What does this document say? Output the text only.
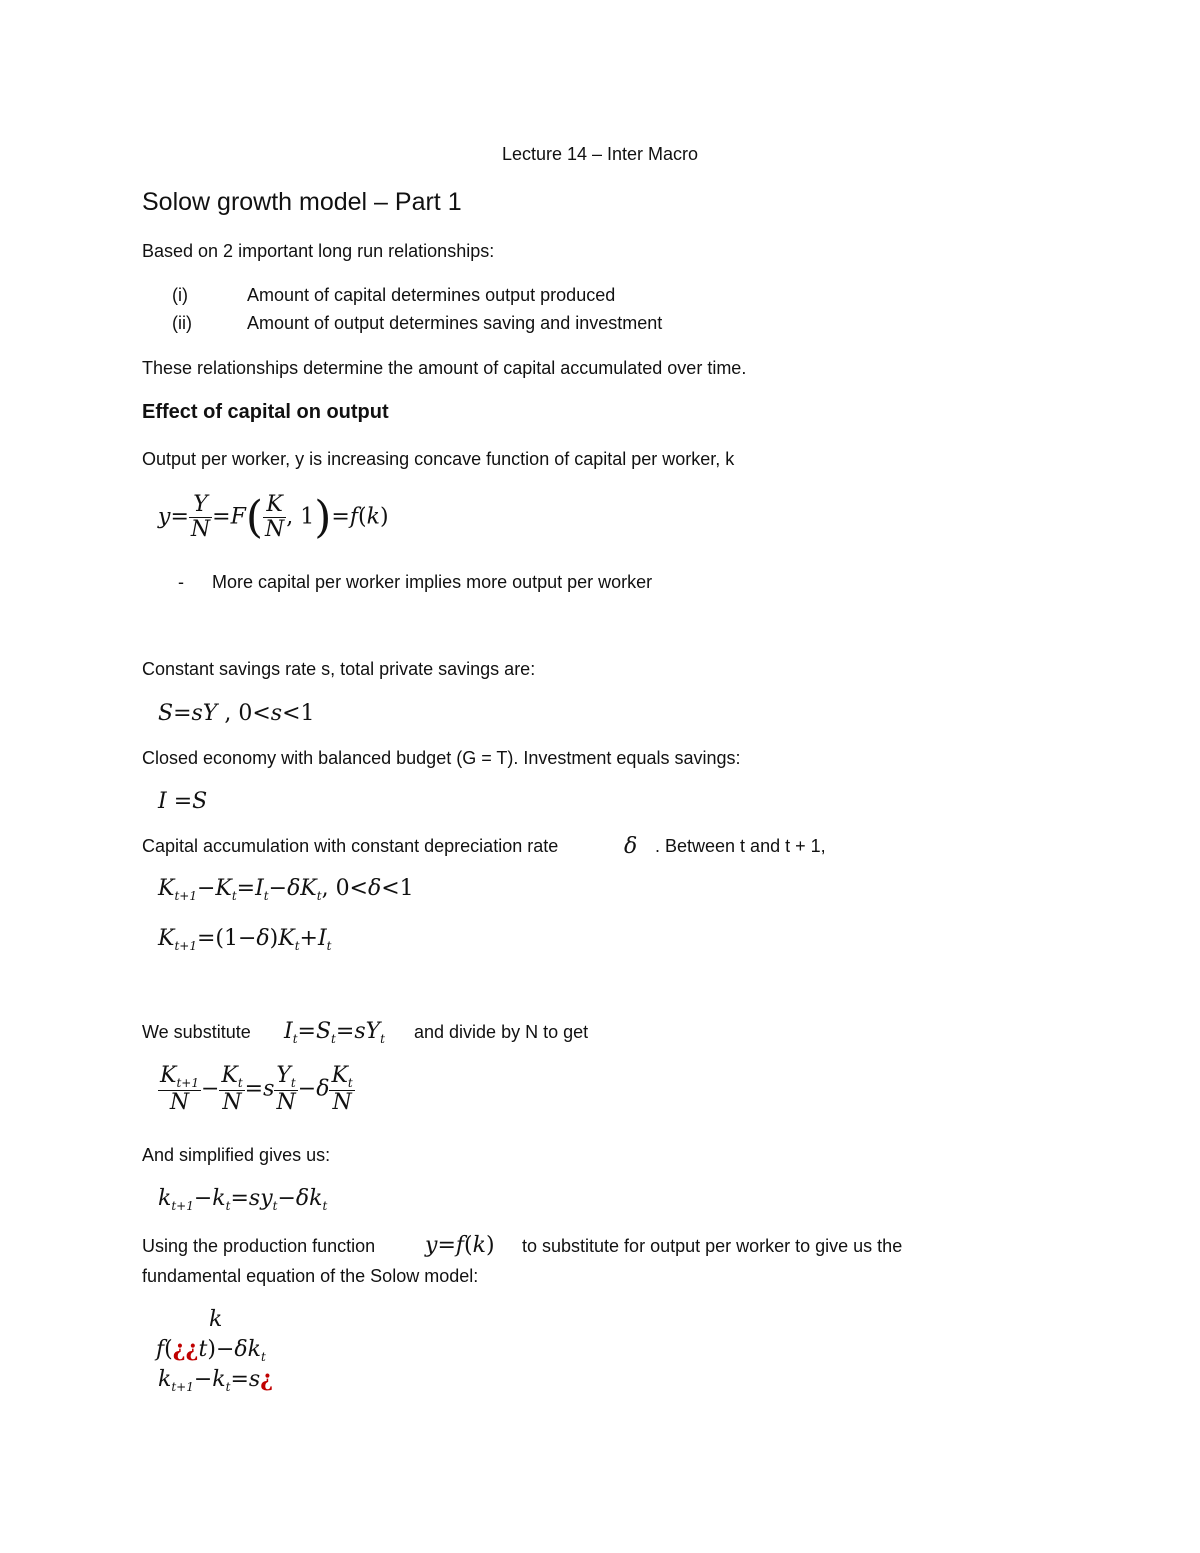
Lecture 14 – Inter Macro
Solow growth model – Part 1
Based on 2 important long run relationships:
(i)	Amount of capital determines output produced
(ii)	Amount of output determines saving and investment
These relationships determine the amount of capital accumulated over time.
Effect of capital on output
Output per worker, y is increasing concave function of capital per worker, k
$y= \frac{Y}{N} =F( \frac{K}{N}$ , 1)=f(k)
- More capital per worker implies more output per worker
Constant savings rate s, total private savings are:
S=sY , 0<s<1
Closed economy with balanced budget (G = T). Investment equals savings:
I =S
Capital accumulation with constant depreciation rate	δ . Between t and t + 1,
$K_{t+1}-K_t=I_t-\delta K_t$, 0<δ<1
$K_{t+1}=(1-\delta)K_t+I_t$
We substitute $I_t=S_t=sY_t$ and divide by N to get
$\frac{K_{t+1}}{N} - \frac{K_t}{N} =s \frac{Y_t}{N} -\delta \frac{K_t}{N}$
And simplified gives us:
$k_{t+1}-k_t=sy_t-\delta k_t$
Using the production function y=f(k) to substitute for output per worker to give us the
fundamental equation of the Solow model:
k
$f(¿¿t)-\delta k_t$
$k_{t+1}-k_t=s¿$
